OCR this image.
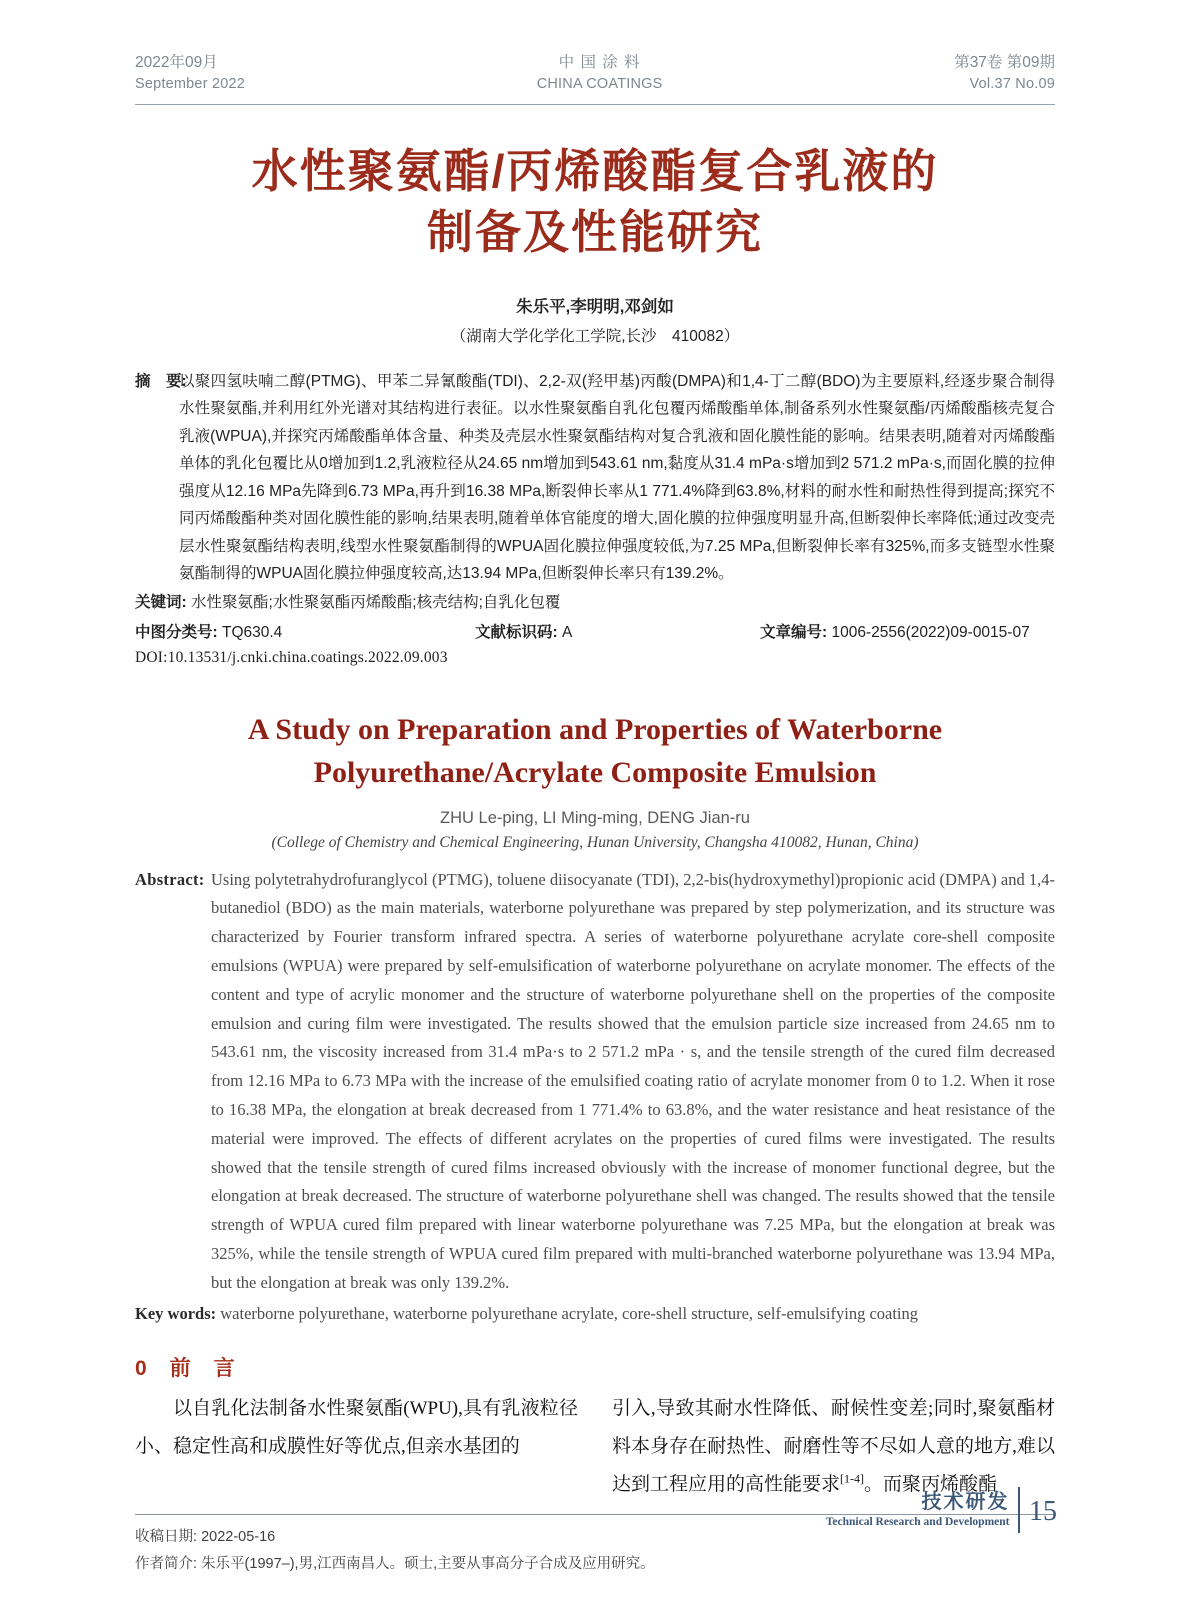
2022年09月
September 2022
中 国 涂 料
CHINA COATINGS
第37卷 第09期
Vol.37 No.09
水性聚氨酯/丙烯酸酯复合乳液的
制备及性能研究
朱乐平,李明明,邓剑如
（湖南大学化学化工学院,长沙　410082）
摘　要:
以聚四氢呋喃二醇(PTMG)、甲苯二异氰酸酯(TDI)、2,2-双(羟甲基)丙酸(DMPA)和1,4-丁二醇(BDO)为主要原料,经逐步聚合制得水性聚氨酯,并利用红外光谱对其结构进行表征。以水性聚氨酯自乳化包覆丙烯酸酯单体,制备系列水性聚氨酯/丙烯酸酯核壳复合乳液(WPUA),并探究丙烯酸酯单体含量、种类及壳层水性聚氨酯结构对复合乳液和固化膜性能的影响。结果表明,随着对丙烯酸酯单体的乳化包覆比从0增加到1.2,乳液粒径从24.65 nm增加到543.61 nm,黏度从31.4 mPa·s增加到2 571.2 mPa·s,而固化膜的拉伸强度从12.16 MPa先降到6.73 MPa,再升到16.38 MPa,断裂伸长率从1 771.4%降到63.8%,材料的耐水性和耐热性得到提高;探究不同丙烯酸酯种类对固化膜性能的影响,结果表明,随着单体官能度的增大,固化膜的拉伸强度明显升高,但断裂伸长率降低;通过改变壳层水性聚氨酯结构表明,线型水性聚氨酯制得的WPUA固化膜拉伸强度较低,为7.25 MPa,但断裂伸长率有325%,而多支链型水性聚氨酯制得的WPUA固化膜拉伸强度较高,达13.94 MPa,但断裂伸长率只有139.2%。
关键词: 水性聚氨酯;水性聚氨酯丙烯酸酯;核壳结构;自乳化包覆
中图分类号: TQ630.4	文献标识码: A	文章编号: 1006-2556(2022)09-0015-07
DOI:10.13531/j.cnki.china.coatings.2022.09.003
A Study on Preparation and Properties of Waterborne
Polyurethane/Acrylate Composite Emulsion
ZHU Le-ping, LI Ming-ming, DENG Jian-ru
(College of Chemistry and Chemical Engineering, Hunan University, Changsha 410082, Hunan, China)
Abstract: Using polytetrahydrofuranglycol (PTMG), toluene diisocyanate (TDI), 2,2-bis(hydroxymethyl)propionic acid (DMPA) and 1,4-butanediol (BDO) as the main materials, waterborne polyurethane was prepared by step polymerization, and its structure was characterized by Fourier transform infrared spectra. A series of waterborne polyurethane acrylate core-shell composite emulsions (WPUA) were prepared by self-emulsification of waterborne polyurethane on acrylate monomer. The effects of the content and type of acrylic monomer and the structure of waterborne polyurethane shell on the properties of the composite emulsion and curing film were investigated. The results showed that the emulsion particle size increased from 24.65 nm to 543.61 nm, the viscosity increased from 31.4 mPa·s to 2 571.2 mPa · s, and the tensile strength of the cured film decreased from 12.16 MPa to 6.73 MPa with the increase of the emulsified coating ratio of acrylate monomer from 0 to 1.2. When it rose to 16.38 MPa, the elongation at break decreased from 1 771.4% to 63.8%, and the water resistance and heat resistance of the material were improved. The effects of different acrylates on the properties of cured films were investigated. The results showed that the tensile strength of cured films increased obviously with the increase of monomer functional degree, but the elongation at break decreased. The structure of waterborne polyurethane shell was changed. The results showed that the tensile strength of WPUA cured film prepared with linear waterborne polyurethane was 7.25 MPa, but the elongation at break was 325%, while the tensile strength of WPUA cured film prepared with multi-branched waterborne polyurethane was 13.94 MPa, but the elongation at break was only 139.2%.
Key words: waterborne polyurethane, waterborne polyurethane acrylate, core-shell structure, self-emulsifying coating
0　前　言

以自乳化法制备水性聚氨酯(WPU),具有乳液粒径小、稳定性高和成膜性好等优点,但亲水基团的

引入,导致其耐水性降低、耐候性变差;同时,聚氨酯材料本身存在耐热性、耐磨性等不尽如人意的地方,难以达到工程应用的高性能要求[1-4]。而聚丙烯酸酯

收稿日期: 2022-05-16
作者简介: 朱乐平(1997–),男,江西南昌人。硕士,主要从事高分子合成及应用研究。
技术研发
Technical Research and Development 15
